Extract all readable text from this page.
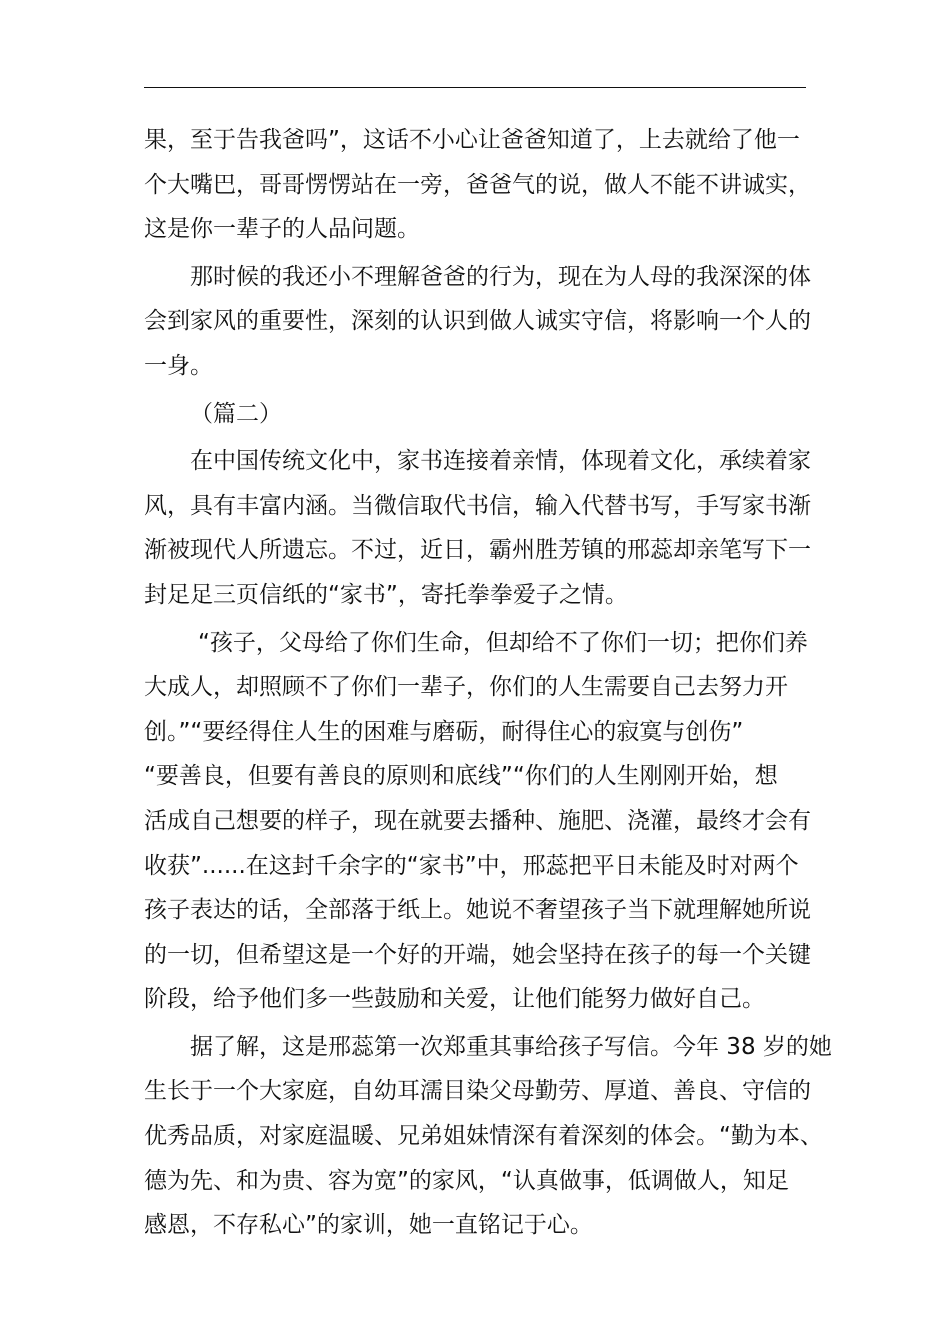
果，至于告我爸吗”，这话不小心让爸爸知道了，上去就给了他一
个大嘴巴，哥哥愣愣站在一旁，爸爸气的说，做人不能不讲诚实，
这是你一辈子的人品问题。
那时候的我还小不理解爸爸的行为，现在为人母的我深深的体
会到家风的重要性，深刻的认识到做人诚实守信，将影响一个人的
一身。
（篇二）
在中国传统文化中，家书连接着亲情，体现着文化，承续着家
风，具有丰富内涵。当微信取代书信，输入代替书写，手写家书渐
渐被现代人所遗忘。不过，近日，霸州胜芳镇的邢蕊却亲笔写下一
封足足三页信纸的“家书”，寄托拳拳爱子之情。
“孩子，父母给了你们生命，但却给不了你们一切；把你们养
大成人，却照顾不了你们一辈子，你们的人生需要自己去努力开
创。”“要经得住人生的困难与磨砺，耐得住心的寂寞与创伤”
“要善良，但要有善良的原则和底线”“你们的人生刚刚开始，想
活成自己想要的样子，现在就要去播种、施肥、浇灌，最终才会有
收获”......在这封千余字的“家书”中，邢蕊把平日未能及时对两个
孩子表达的话，全部落于纸上。她说不奢望孩子当下就理解她所说
的一切，但希望这是一个好的开端，她会坚持在孩子的每一个关键
阶段，给予他们多一些鼓励和关爱，让他们能努力做好自己。
据了解，这是邢蕊第一次郑重其事给孩子写信。今年 38 岁的她
生长于一个大家庭，自幼耳濡目染父母勤劳、厚道、善良、守信的
优秀品质，对家庭温暖、兄弟姐妹情深有着深刻的体会。“勤为本、
德为先、和为贵、容为宽”的家风，“认真做事，低调做人，知足
感恩，不存私心”的家训，她一直铭记于心。
